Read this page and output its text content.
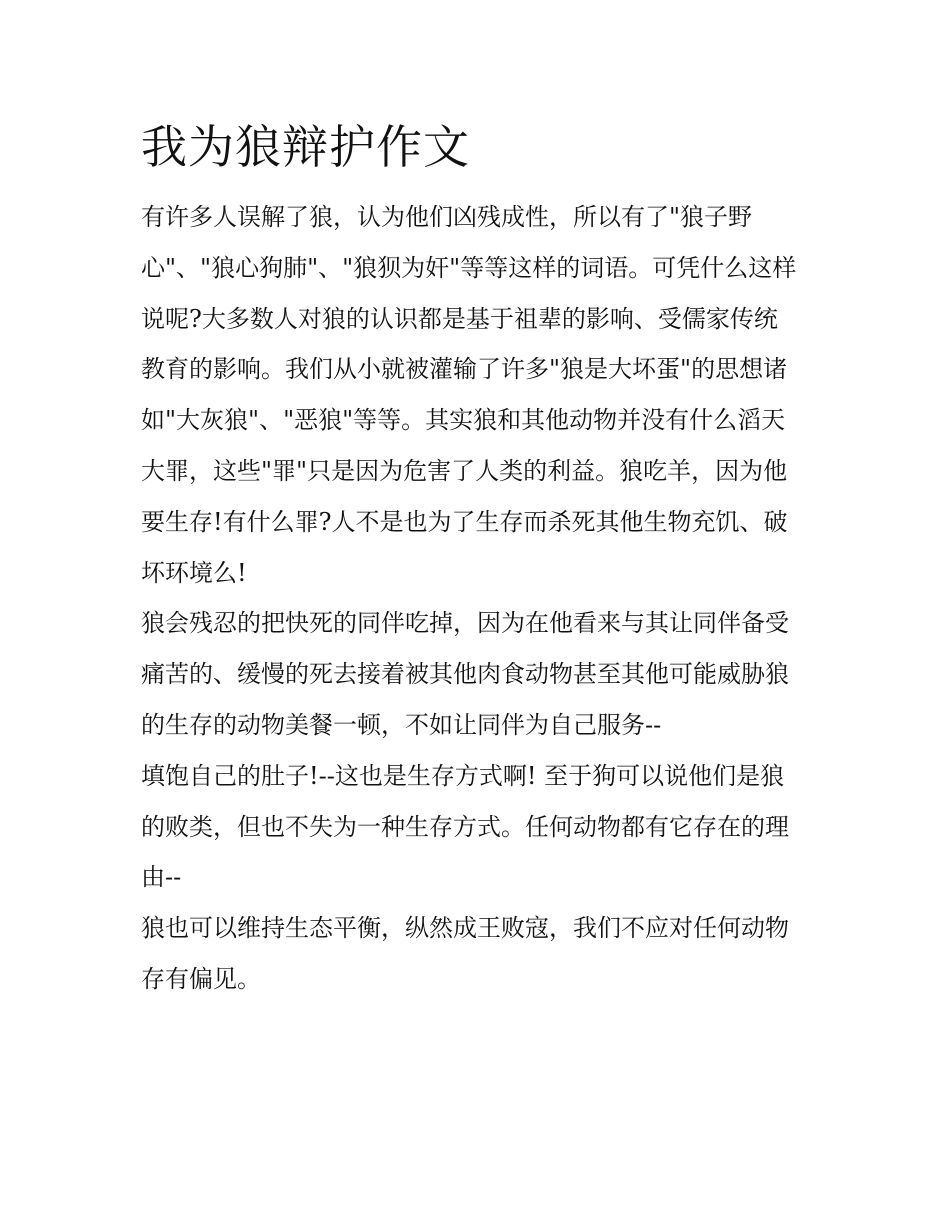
我为狼辩护作文
有许多人误解了狼，认为他们凶残成性，所以有了"狼子野
心"、"狼心狗肺"、"狼狈为奸"等等这样的词语。可凭什么这样
说呢?大多数人对狼的认识都是基于祖辈的影响、受儒家传统
教育的影响。我们从小就被灌输了许多"狼是大坏蛋"的思想诸
如"大灰狼"、"恶狼"等等。其实狼和其他动物并没有什么滔天
大罪，这些"罪"只是因为危害了人类的利益。狼吃羊，因为他
要生存!有什么罪?人不是也为了生存而杀死其他生物充饥、破
坏环境么!
狼会残忍的把快死的同伴吃掉，因为在他看来与其让同伴备受
痛苦的、缓慢的死去接着被其他肉食动物甚至其他可能威胁狼
的生存的动物美餐一顿，不如让同伴为自己服务--
填饱自己的肚子!--这也是生存方式啊! 至于狗可以说他们是狼
的败类，但也不失为一种生存方式。任何动物都有它存在的理
由--
狼也可以维持生态平衡，纵然成王败寇，我们不应对任何动物
存有偏见。
